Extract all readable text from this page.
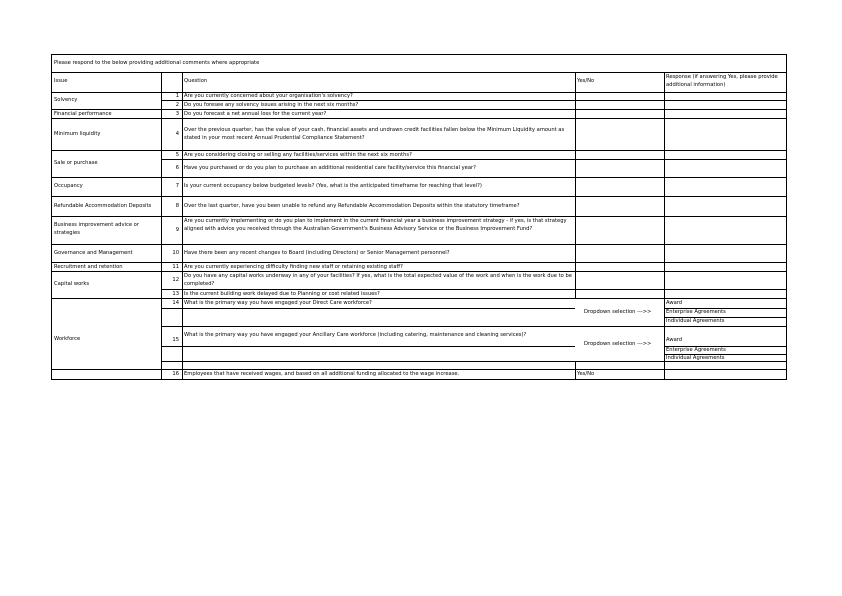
Please respond to the below providing additional comments where appropriate
Issue	Question	Yes/No
Response (if answering Yes, please provide additional information)
Solvency
Financial performance
Minimum liquidity
Sale or purchase
Occupancy
Refundable Accommodation Deposits
Business improvement advice or strategies
Governance and Management
Recruitment and retention
Capital works
Workforce
1
2
3
4
5
6
7
8
9
10
11
12
13
14
15
16
Are you currently concerned about your organisation's solvency?
Do you foresee any solvency issues arising in the next six months?
Do you forecast a net annual loss for the current year?
Over the previous quarter, has the value of your cash, financial assets and undrawn credit facilities fallen below the Minimum Liquidity amount as stated in your most recent Annual Prudential Compliance Statement?
Are you considering closing or selling any facilities/services within the next six months?
Have you purchased or do you plan to purchase an additional residential care facility/service this financial year?
Is your current occupancy below budgeted levels? (Yes, what is the anticipated timeframe for reaching that level?)
Over the last quarter, have you been unable to refund any Refundable Accommodation Deposits within the statutory timeframe?
Are you currently implementing or do you plan to implement in the current financial year a business improvement strategy - if yes, is that strategy aligned with advice you received through the Australian Government's Business Advisory Service or the Business Improvement Fund?
Have there been any recent changes to Board (including Directors) or Senior Management personnel?
Are you currently experiencing difficulty finding new staff or retaining existing staff?
Do you have any capital works underway in any of your facilities? If yes, what is the total expected value of the work and when is the work due to be completed?
Is the current building work delayed due to Planning or cost related issues?
What is the primary way you have engaged your Direct Care workforce?
What is the primary way you have engaged your Ancillary Care workforce (including catering, maintenance and cleaning services)?
Employees that have received wages, and based on all additional funding allocated to the wage increase.
Dropdown selection --->>
Dropdown selection --->>
Award
Enterprise Agreements
Individual Agreements
Award
Enterprise Agreements
Individual Agreements
Yes/No
